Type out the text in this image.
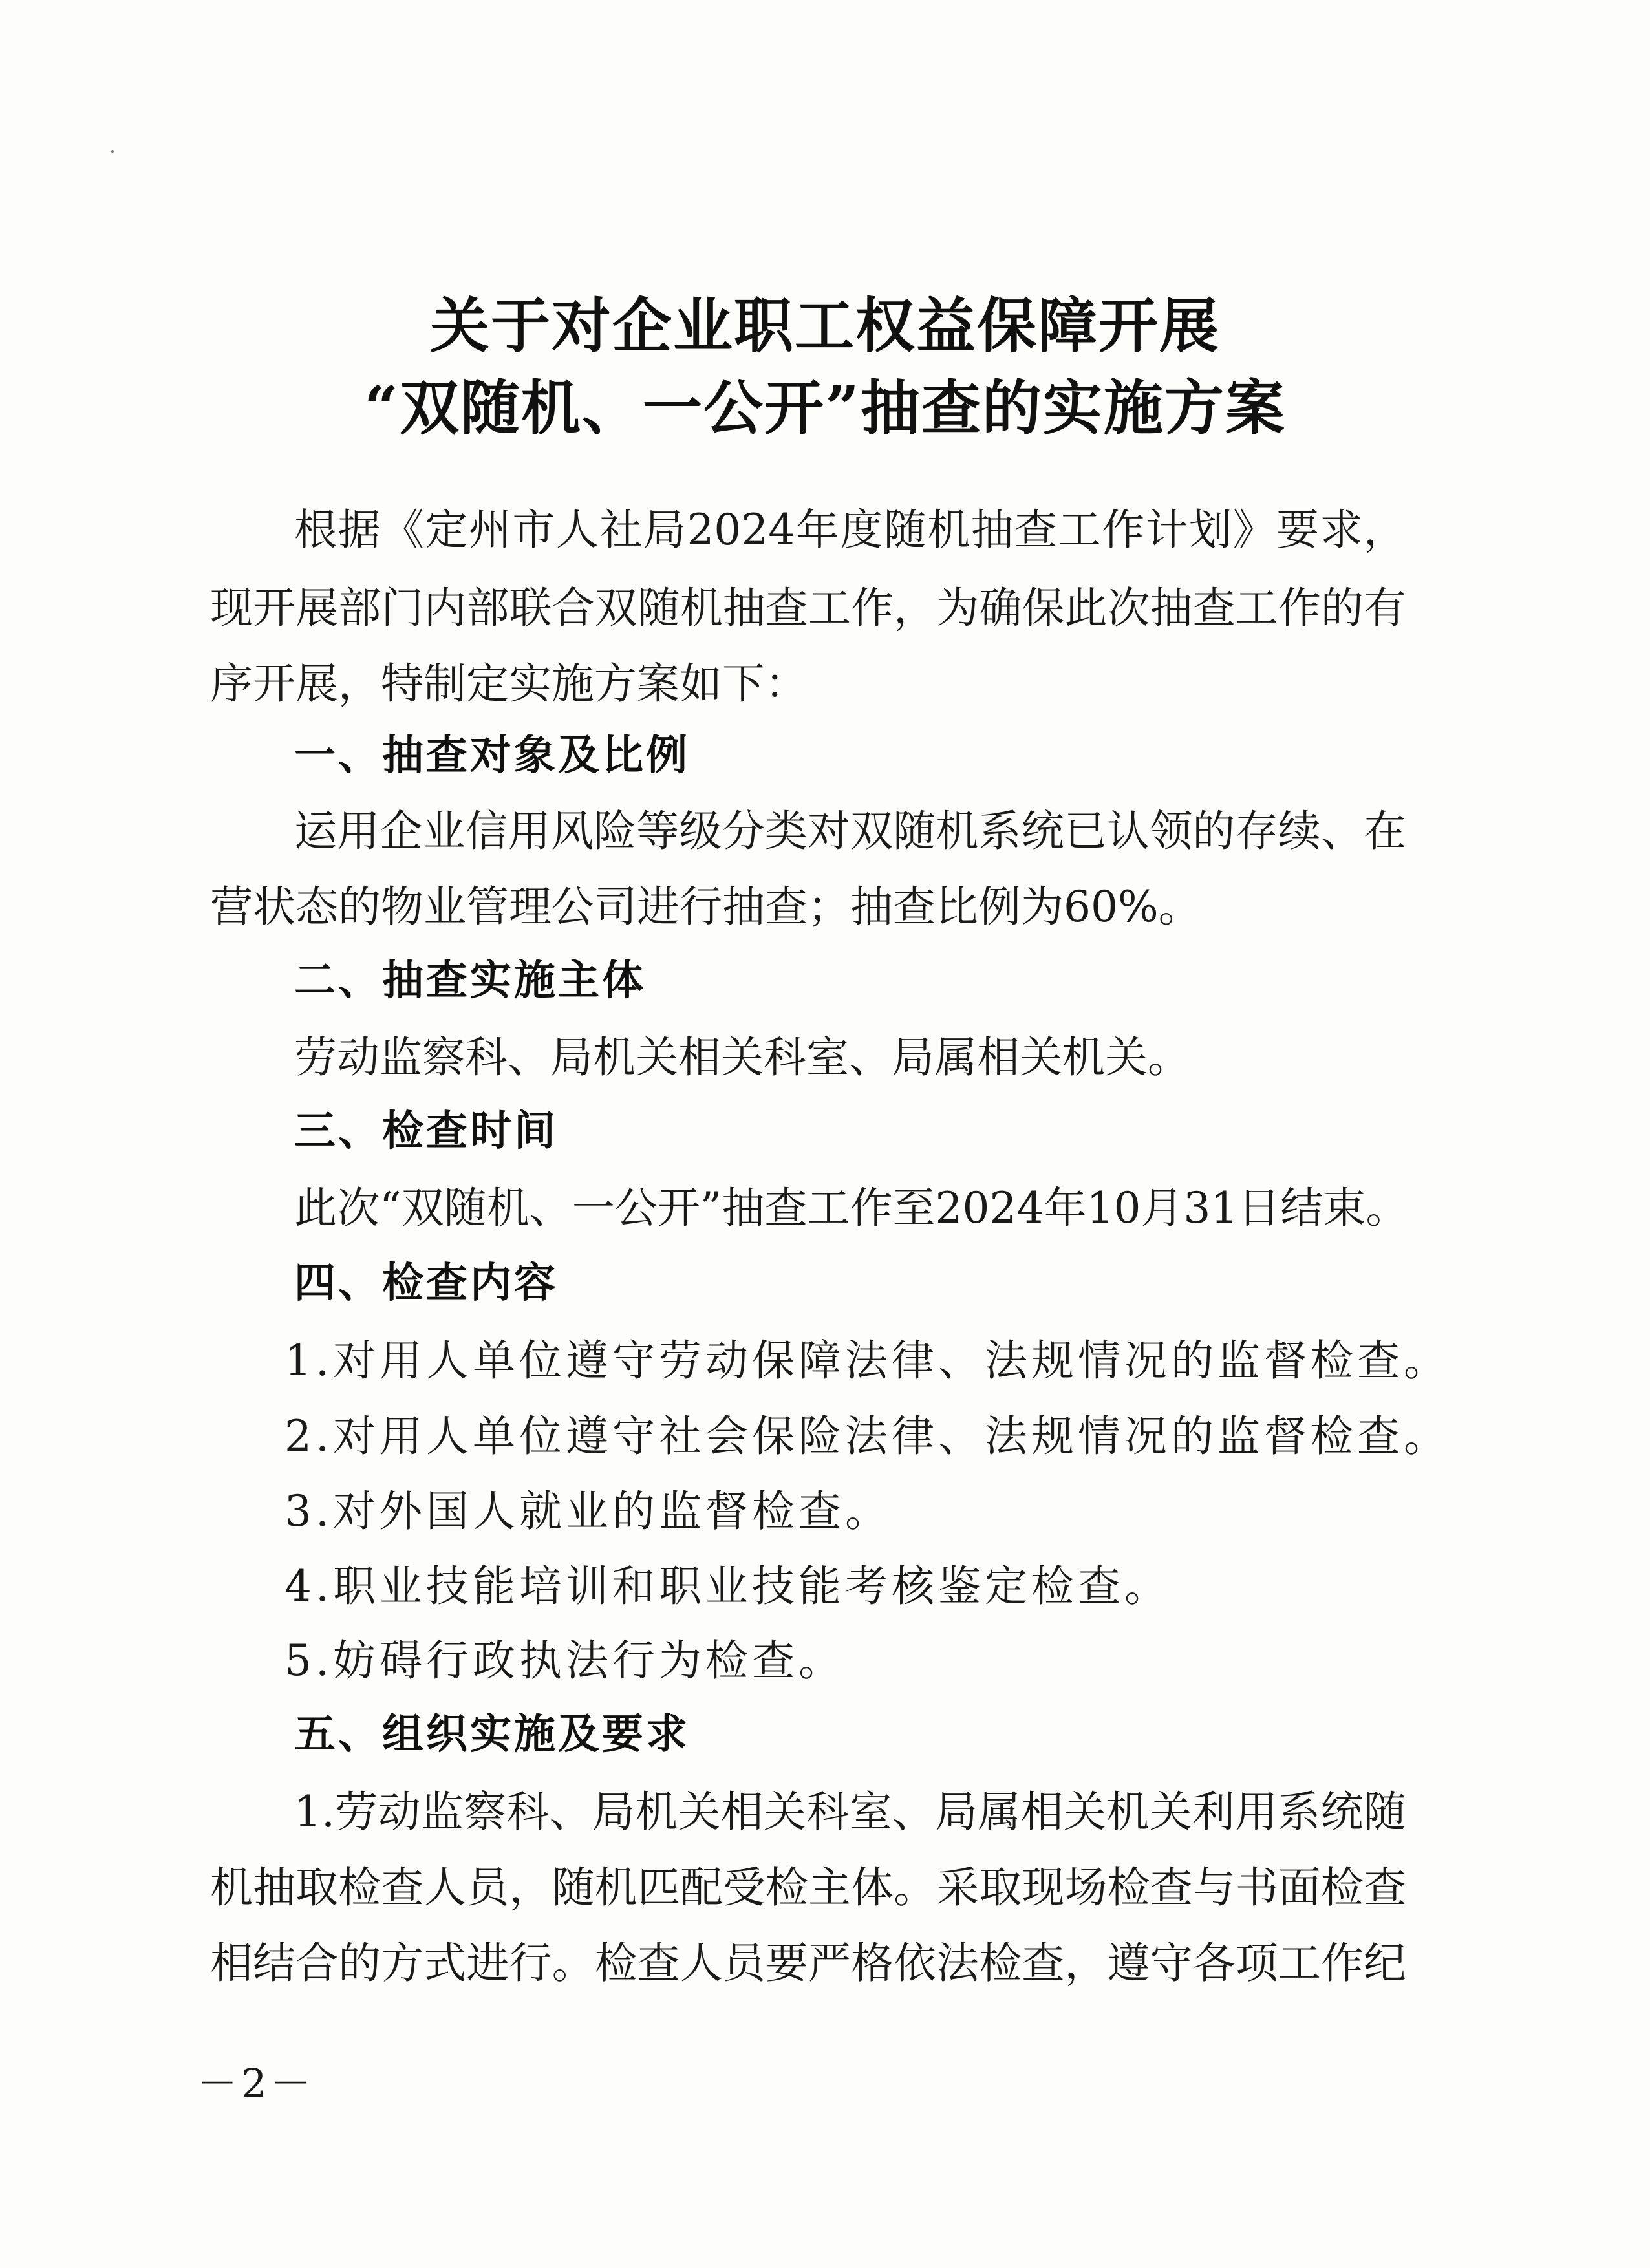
关于对企业职工权益保障开展
“双随机、一公开”抽查的实施方案
根据《定州市人社局2024年度随机抽查工作计划》要求，
现开展部门内部联合双随机抽查工作，为确保此次抽查工作的有
序开展，特制定实施方案如下：
一、抽查对象及比例
运用企业信用风险等级分类对双随机系统已认领的存续、在
营状态的物业管理公司进行抽查；抽查比例为60%。
二、抽查实施主体
劳动监察科、局机关相关科室、局属相关机关。
三、检查时间
此次“双随机、一公开”抽查工作至2024年10月31日结束。
四、检查内容
1.对用人单位遵守劳动保障法律、法规情况的监督检查。
2.对用人单位遵守社会保险法律、法规情况的监督检查。
3.对外国人就业的监督检查。
4.职业技能培训和职业技能考核鉴定检查。
5.妨碍行政执法行为检查。
五、组织实施及要求
1.劳动监察科、局机关相关科室、局属相关机关利用系统随
机抽取检查人员，随机匹配受检主体。采取现场检查与书面检查
相结合的方式进行。检查人员要严格依法检查，遵守各项工作纪
－2－
